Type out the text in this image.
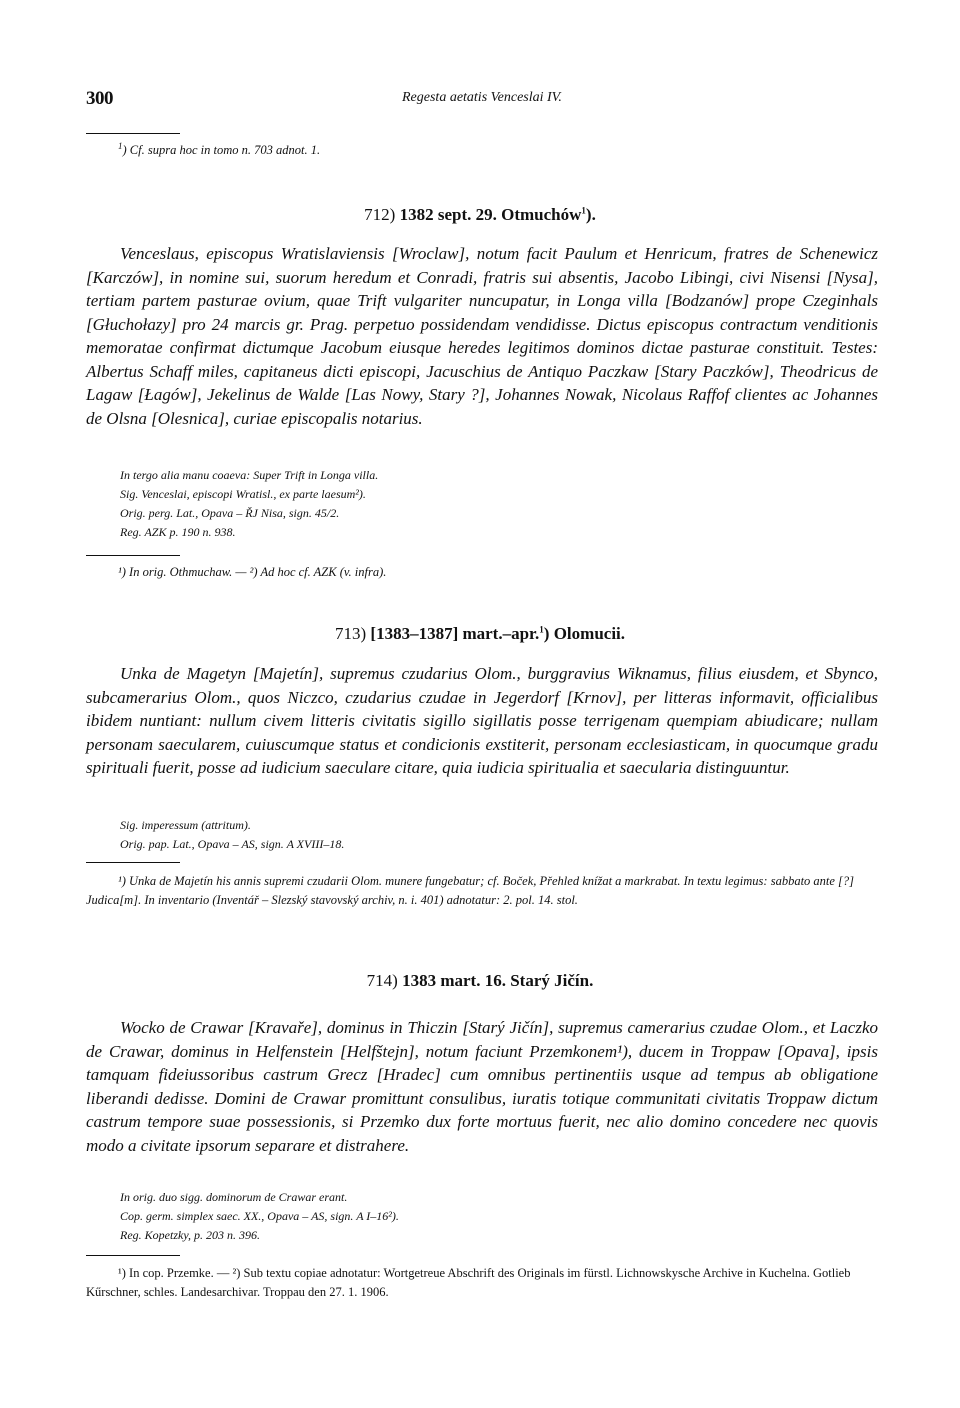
300	Regesta aetatis Venceslai IV.
$^1$) Cf. supra hoc in tomo n. 703 adnot. 1.
712) 1382 sept. 29. Otmuchów$^1$).

Venceslaus, episcopus Wratislaviensis [Wroclaw], notum facit Paulum et Henricum, fratres de Schenewicz [Karczów], in nomine sui, suorum heredum et Conradi, fratris sui absentis, Jacobo Libingi, civi Nisensi [Nysa], tertiam partem pasturae ovium, quae Trift vulgariter nuncupatur, in Longa villa [Bodzanów] prope Czeginhals [Głuchołazy] pro 24 marcis gr. Prag. perpetuo possidendam vendidisse. Dictus episcopus contractum venditionis memoratae confirmat dictumque Jacobum eiusque heredes legitimos dominos dictae pasturae constituit. Testes: Albertus Schaff miles, capitaneus dicti episcopi, Jacuschius de Antiquo Paczkaw [Stary Paczków], Theodricus de Lagaw [Łagów], Jekelinus de Walde [Las Nowy, Stary ?], Johannes Nowak, Nicolaus Raffof clientes ac Johannes de Olsna [Olesnica], curiae episcopalis notarius.

In tergo alia manu coaeva: Super Trift in Longa villa.
Sig. Venceslai, episcopi Wratisl., ex parte laesum²).
Orig. perg. Lat., Opava – ŘJ Nisa, sign. 45/2.
Reg. AZK p. 190 n. 938.
¹) In orig. Othmuchaw. — ²) Ad hoc cf. AZK (v. infra).
713) [1383–1387] mart.–apr.$^1$) Olomucii.

Unka de Magetyn [Majetín], supremus czudarius Olom., burggravius Wiknamus, filius eiusdem, et Sbynco, subcamerarius Olom., quos Niczco, czudarius czudae in Jegerdorf [Krnov], per litteras informavit, officialibus ibidem nuntiant: nullum civem litteris civitatis sigillo sigillatis posse terrigenam quempiam abiudicare; nullam personam saecularem, cuiuscumque status et condicionis exstiterit, personam ecclesiasticam, in quocumque gradu spirituali fuerit, posse ad iudicium saeculare citare, quia iudicia spiritualia et saecularia distinguuntur.

Sig. imperessum (attritum).
Orig. pap. Lat., Opava – AS, sign. A XVIII–18.
¹) Unka de Majetín his annis supremi czudarii Olom. munere fungebatur; cf. Boček, Přehled knížat a markrabat. In textu legimus: sabbato ante [?] Judica[m]. In inventario (Inventář – Slezský stavovský archiv, n. i. 401) adnotatur: 2. pol. 14. stol.
714) 1383 mart. 16. Starý Jičín.

Wocko de Crawar [Kravaře], dominus in Thiczin [Starý Jičín], supremus camerarius czudae Olom., et Laczko de Crawar, dominus in Helfenstein [Helfštejn], notum faciunt Przemkonem¹), ducem in Troppaw [Opava], ipsis tamquam fideiussoribus castrum Grecz [Hradec] cum omnibus pertinentiis usque ad tempus ab obligatione liberandi dedisse. Domini de Crawar promittunt consulibus, iuratis totique communitati civitatis Troppaw dictum castrum tempore suae possessionis, si Przemko dux forte mortuus fuerit, nec alio domino concedere nec quovis modo a civitate ipsorum separare et distrahere.

In orig. duo sigg. dominorum de Crawar erant.
Cop. germ. simplex saec. XX., Opava – AS, sign. A I–16²).
Reg. Kopetzky, p. 203 n. 396.
¹) In cop. Przemke. — ²) Sub textu copiae adnotatur: Wortgetreue Abschrift des Originals im fürstl. Lichnowskysche Archive in Kuchelna. Gotlieb Kűrschner, schles. Landesarchivar. Troppau den 27. 1. 1906.
